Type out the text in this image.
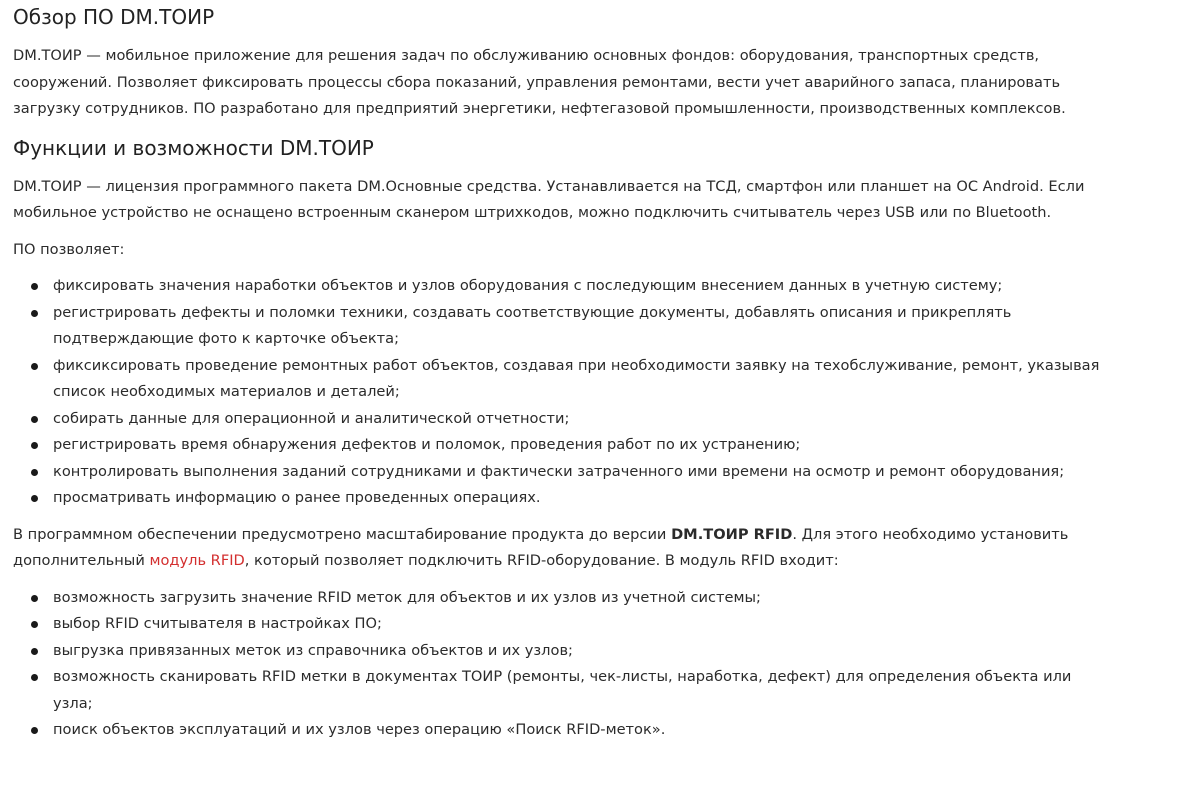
Обзор ПО DM.ТОИР

DM.ТОИР — мобильное приложение для решения задач по обслуживанию основных фондов: оборудования, транспортных средств,
сооружений. Позволяет фиксировать процессы сбора показаний, управления ремонтами, вести учет аварийного запаса, планировать
загрузку сотрудников. ПО разработано для предприятий энергетики, нефтегазовой промышленности, производственных комплексов.

Функции и возможности DM.ТОИР

DM.ТОИР — лицензия программного пакета DM.Основные средства. Устанавливается на ТСД, смартфон или планшет на ОС Android. Если
мобильное устройство не оснащено встроенным сканером штрихкодов, можно подключить считыватель через USB или по Bluetooth.

ПО позволяет:

фиксировать значения наработки объектов и узлов оборудования с последующим внесением данных в учетную систему;
регистрировать дефекты и поломки техники, создавать соответствующие документы, добавлять описания и прикреплять
подтверждающие фото к карточке объекта;
фиксиксировать проведение ремонтных работ объектов, создавая при необходимости заявку на техобслуживание, ремонт, указывая
список необходимых материалов и деталей;
собирать данные для операционной и аналитической отчетности;
регистрировать время обнаружения дефектов и поломок, проведения работ по их устранению;
контролировать выполнения заданий сотрудниками и фактически затраченного ими времени на осмотр и ремонт оборудования;
просматривать информацию о ранее проведенных операциях.

В программном обеспечении предусмотрено масштабирование продукта до версии DM.ТОИР RFID. Для этого необходимо установить
дополнительный модуль RFID, который позволяет подключить RFID-оборудование. В модуль RFID входит:

возможность загрузить значение RFID меток для объектов и их узлов из учетной системы;
выбор RFID считывателя в настройках ПО;
выгрузка привязанных меток из справочника объектов и их узлов;
возможность сканировать RFID метки в документах ТОИР (ремонты, чек-листы, наработка, дефект) для определения объекта или
узла;
поиск объектов эксплуатаций и их узлов через операцию «Поиск RFID-меток».
